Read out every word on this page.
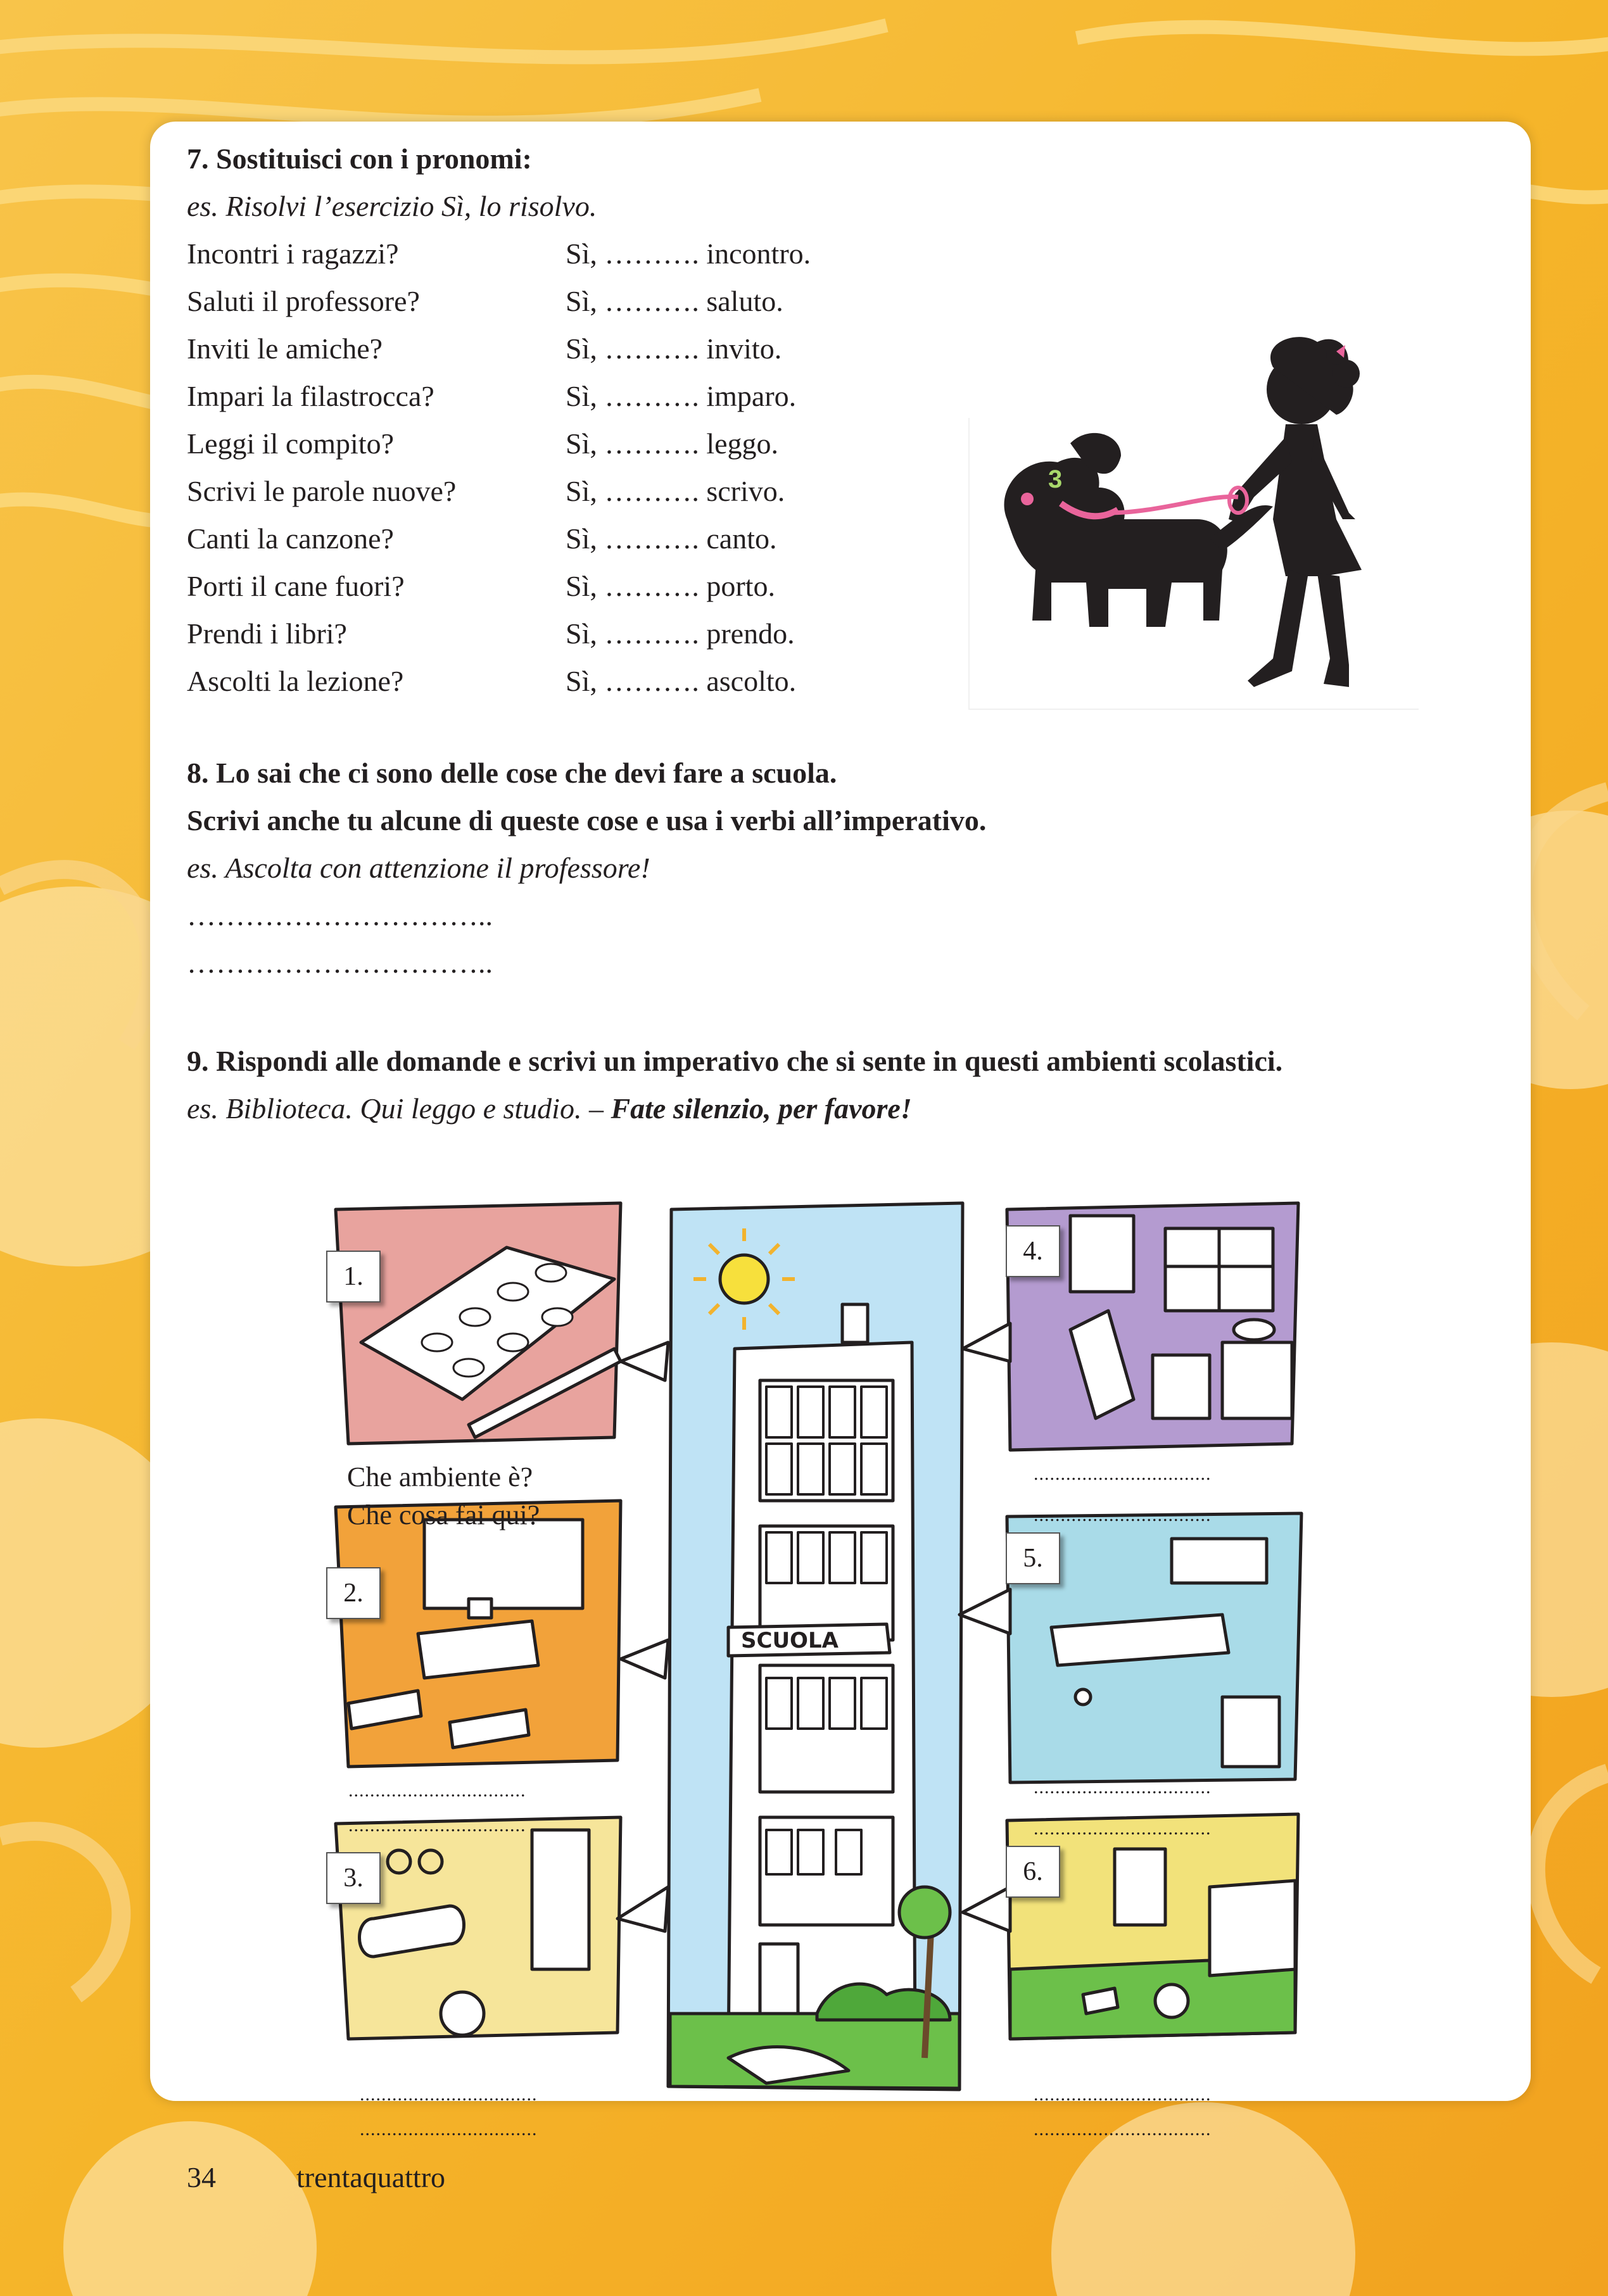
7. Sostituisci con i pronomi:
es. Risolvi l’esercizio Sì, lo risolvo.
Incontri i ragazzi?	Sì, ………. incontro.
Saluti il professore?	Sì, ………. saluto.
Inviti le amiche?	Sì, ………. invito.
Impari la filastrocca?	Sì, ………. imparo.
Leggi il compito?	Sì, ………. leggo.
Scrivi le parole nuove?	Sì, ………. scrivo.
Canti la canzone?	Sì, ………. canto.
Porti il cane fuori?	Sì, ………. porto.
Prendi i libri?	Sì, ………. prendo.
Ascolti la lezione?	Sì, ………. ascolto.
3
8. Lo sai che ci sono delle cose che devi fare a scuola.
Scrivi anche tu alcune di queste cose e usa i verbi all’imperativo.
es. Ascolta con attenzione il professore!
…………………………..
…………………………..
9. Rispondi alle domande e scrivi un imperativo che si sente in questi ambienti scolastici.
es. Biblioteca. Qui leggo e studio. – Fate silenzio, per favore!
SCUOLA
1.
2.
3.
4.
5.
6.
Che ambiente è?
Che cosa fai qui?
.................................
.................................
.................................
.................................
.................................
.................................
.................................
.................................
.................................
.................................
34	trentaquattro
